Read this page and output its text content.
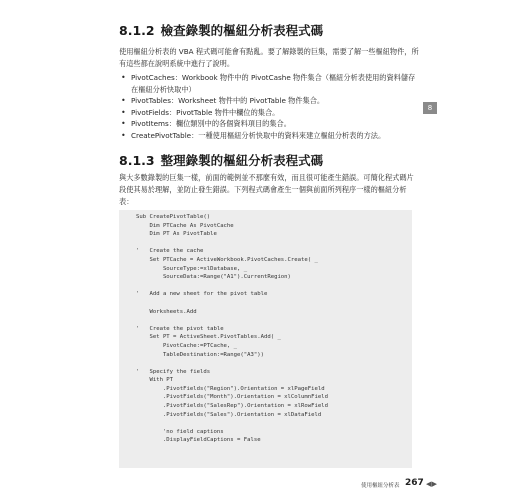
8.1.2 檢查錄製的樞紐分析表程式碼
使用樞紐分析表的 VBA 程式碼可能會有點亂。要了解錄製的巨集，需要了解一些樞紐物件，所有這些都在說明系統中進行了說明。
• PivotCaches：Workbook 物件中的 PivotCashe 物件集合（樞紐分析表使用的資料儲存在樞紐分析快取中）
• PivotTables：Worksheet 物件中的 PivotTable 物件集合。
• PivotFields：PivotTable 物件中欄位的集合。
• PivotItems：欄位類別中的各個資料項目的集合。
• CreatePivotTable：一種使用樞紐分析快取中的資料來建立樞紐分析表的方法。
8
8.1.3 整理錄製的樞紐分析表程式碼
與大多數錄製的巨集一樣，前面的範例並不那麼有效，而且很可能產生錯誤。可簡化程式碼片段使其易於理解，並防止發生錯誤。下列程式碼會產生一個與前面所列程序一樣的樞紐分析表：
Sub CreatePivotTable()
Dim PTCache As PivotCache
Dim PT As PivotTable

'   Create the cache
Set PTCache = ActiveWorkbook.PivotCaches.Create( _
SourceType:=xlDatabase, _
SourceData:=Range("A1").CurrentRegion)

'   Add a new sheet for the pivot table

Worksheets.Add

'   Create the pivot table
Set PT = ActiveSheet.PivotTables.Add( _
PivotCache:=PTCache, _
TableDestination:=Range("A3"))

'   Specify the fields
With PT
.PivotFields("Region").Orientation = xlPageField
.PivotFields("Month").Orientation = xlColumnField
.PivotFields("SalesRep").Orientation = xlRowField
.PivotFields("Sales").Orientation = xlDataField

'no field captions
.DisplayFieldCaptions = False
使用樞紐分析表 267 ◀ ▶
